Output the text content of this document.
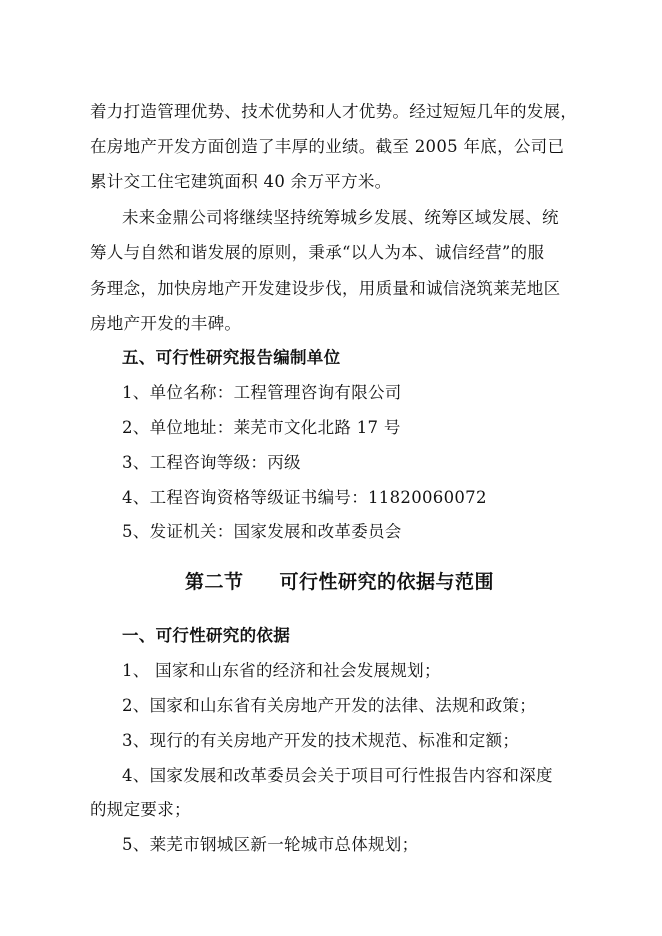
着力打造管理优势、技术优势和人才优势。经过短短几年的发展，
在房地产开发方面创造了丰厚的业绩。截至 2005 年底，公司已
累计交工住宅建筑面积 40 余万平方米。
未来金鼎公司将继续坚持统筹城乡发展、统筹区域发展、统
筹人与自然和谐发展的原则，秉承“以人为本、诚信经营”的服
务理念，加快房地产开发建设步伐，用质量和诚信浇筑莱芜地区
房地产开发的丰碑。
五、可行性研究报告编制单位
1、单位名称：工程管理咨询有限公司
2、单位地址：莱芜市文化北路 17 号
3、工程咨询等级：丙级
4、工程咨询资格等级证书编号：11820060072
5、发证机关：国家发展和改革委员会
第二节 可行性研究的依据与范围
一、可行性研究的依据
1、 国家和山东省的经济和社会发展规划；
2、国家和山东省有关房地产开发的法律、法规和政策；
3、现行的有关房地产开发的技术规范、标准和定额；
4、国家发展和改革委员会关于项目可行性报告内容和深度
的规定要求；
5、莱芜市钢城区新一轮城市总体规划；
